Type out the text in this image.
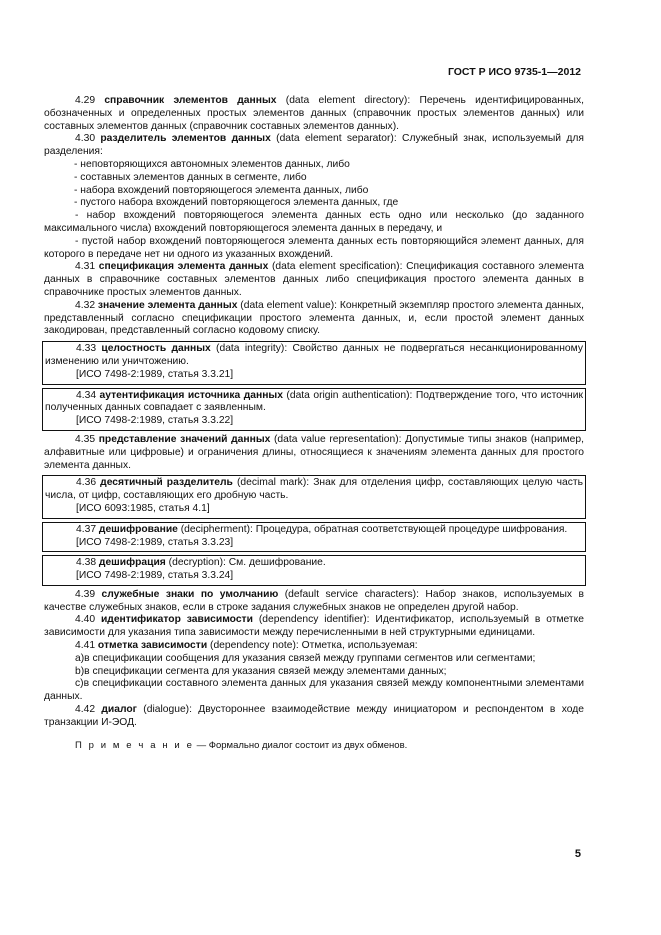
ГОСТ Р ИСО 9735-1—2012

4.29 справочник элементов данных (data element directory): Перечень идентифицированных, обозначенных и определенных простых элементов данных (справочник простых элементов данных) или составных элементов данных (справочник составных элементов данных).

4.30 разделитель элементов данных (data element separator): Служебный знак, используемый для разделения:

- неповторяющихся автономных элементов данных, либо

- составных элементов данных в сегменте, либо

- набора вхождений повторяющегося элемента данных, либо

- пустого набора вхождений повторяющегося элемента данных, где

- набор вхождений повторяющегося элемента данных есть одно или несколько (до заданного максимального числа) вхождений повторяющегося элемента данных в передачу, и

- пустой набор вхождений повторяющегося элемента данных есть повторяющийся элемент данных, для которого в передаче нет ни одного из указанных вхождений.

4.31 спецификация элемента данных (data element specification): Спецификация составного элемента данных в справочнике составных элементов данных либо спецификация простого элемента данных в справочнике простых элементов данных.

4.32 значение элемента данных (data element value): Конкретный экземпляр простого элемента данных, представленный согласно спецификации простого элемента данных, и, если простой элемент данных закодирован, представленный согласно кодовому списку.

4.33 целостность данных (data integrity): Свойство данных не подвергаться несанкционированному изменению или уничтожению.

[ИСО 7498-2:1989, статья 3.3.21]

4.34 аутентификация источника данных (data origin authentication): Подтверждение того, что источник полученных данных совпадает с заявленным.

[ИСО 7498-2:1989, статья 3.3.22]

4.35 представление значений данных (data value representation): Допустимые типы знаков (например, алфавитные или цифровые) и ограничения длины, относящиеся к значениям элемента данных для простого элемента данных.

4.36 десятичный разделитель (decimal mark): Знак для отделения цифр, составляющих целую часть числа, от цифр, составляющих его дробную часть.

[ИСО 6093:1985, статья 4.1]

4.37 дешифрование (decipherment): Процедура, обратная соответствующей процедуре шифрования.

[ИСО 7498-2:1989, статья 3.3.23]

4.38 дешифрация (decryption): См. дешифрование.

[ИСО 7498-2:1989, статья 3.3.24]

4.39 служебные знаки по умолчанию (default service characters): Набор знаков, используемых в качестве служебных знаков, если в строке задания служебных знаков не определен другой набор.

4.40 идентификатор зависимости (dependency identifier): Идентификатор, используемый в отметке зависимости для указания типа зависимости между перечисленными в ней структурными единицами.

4.41 отметка зависимости (dependency note): Отметка, используемая:

a)в спецификации сообщения для указания связей между группами сегментов или сегментами;

b)в спецификации сегмента для указания связей между элементами данных;

c)в спецификации составного элемента данных для указания связей между компонентными элементами данных.

4.42 диалог (dialogue): Двустороннее взаимодействие между инициатором и респондентом в ходе транзакции И-ЭОД.

П р и м е ч а н и е — Формально диалог состоит из двух обменов.

5
